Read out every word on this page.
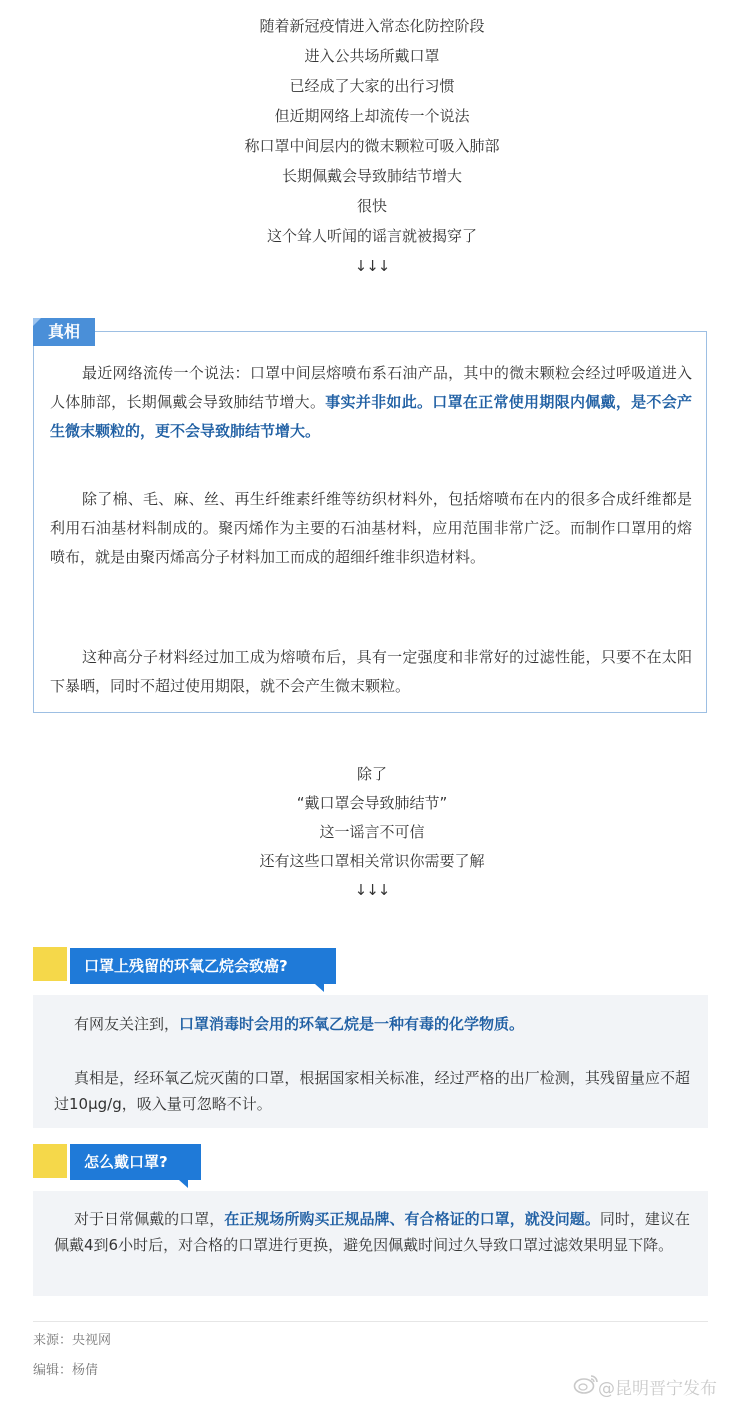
随着新冠疫情进入常态化防控阶段
进入公共场所戴口罩
已经成了大家的出行习惯
但近期网络上却流传一个说法
称口罩中间层内的微末颗粒可吸入肺部
长期佩戴会导致肺结节增大
很快
这个耸人听闻的谣言就被揭穿了
↓↓↓
真相
最近网络流传一个说法：口罩中间层熔喷布系石油产品，其中的微末颗粒会经过呼吸道进入人体肺部，长期佩戴会导致肺结节增大。事实并非如此。口罩在正常使用期限内佩戴，是不会产生微末颗粒的，更不会导致肺结节增大。
除了棉、毛、麻、丝、再生纤维素纤维等纺织材料外，包括熔喷布在内的很多合成纤维都是利用石油基材料制成的。聚丙烯作为主要的石油基材料，应用范围非常广泛。而制作口罩用的熔喷布，就是由聚丙烯高分子材料加工而成的超细纤维非织造材料。
这种高分子材料经过加工成为熔喷布后，具有一定强度和非常好的过滤性能，只要不在太阳下暴晒，同时不超过使用期限，就不会产生微末颗粒。
除了
“戴口罩会导致肺结节”
这一谣言不可信
还有这些口罩相关常识你需要了解
↓↓↓
口罩上残留的环氧乙烷会致癌?
有网友关注到，口罩消毒时会用的环氧乙烷是一种有毒的化学物质。
真相是，经环氧乙烷灭菌的口罩，根据国家相关标准，经过严格的出厂检测，其残留量应不超过10μg/g，吸入量可忽略不计。
怎么戴口罩?
对于日常佩戴的口罩，在正规场所购买正规品牌、有合格证的口罩，就没问题。同时，建议在佩戴4到6小时后，对合格的口罩进行更换，避免因佩戴时间过久导致口罩过滤效果明显下降。
来源：央视网
编辑：杨倩
@昆明晋宁发布
